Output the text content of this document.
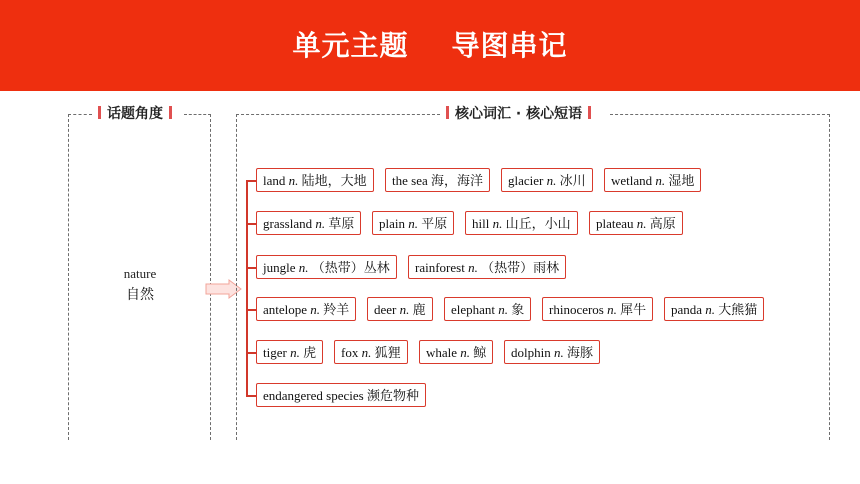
单元主题    导图串记
话题角度
nature
自然
核心词汇 · 核心短语
land n. 陆地，大地	the sea 海，海洋	glacier n. 冰川	wetland n. 湿地
grassland n. 草原	plain n. 平原	hill n. 山丘，小山	plateau n. 高原
jungle n. （热带）丛林	rainforest n. （热带）雨林
antelope n. 羚羊	deer n. 鹿	elephant n. 象	rhinoceros n. 犀牛	panda n. 大熊猫
tiger n. 虎	fox n. 狐狸	whale n. 鲸	dolphin n. 海豚
endangered species 濒危物种
